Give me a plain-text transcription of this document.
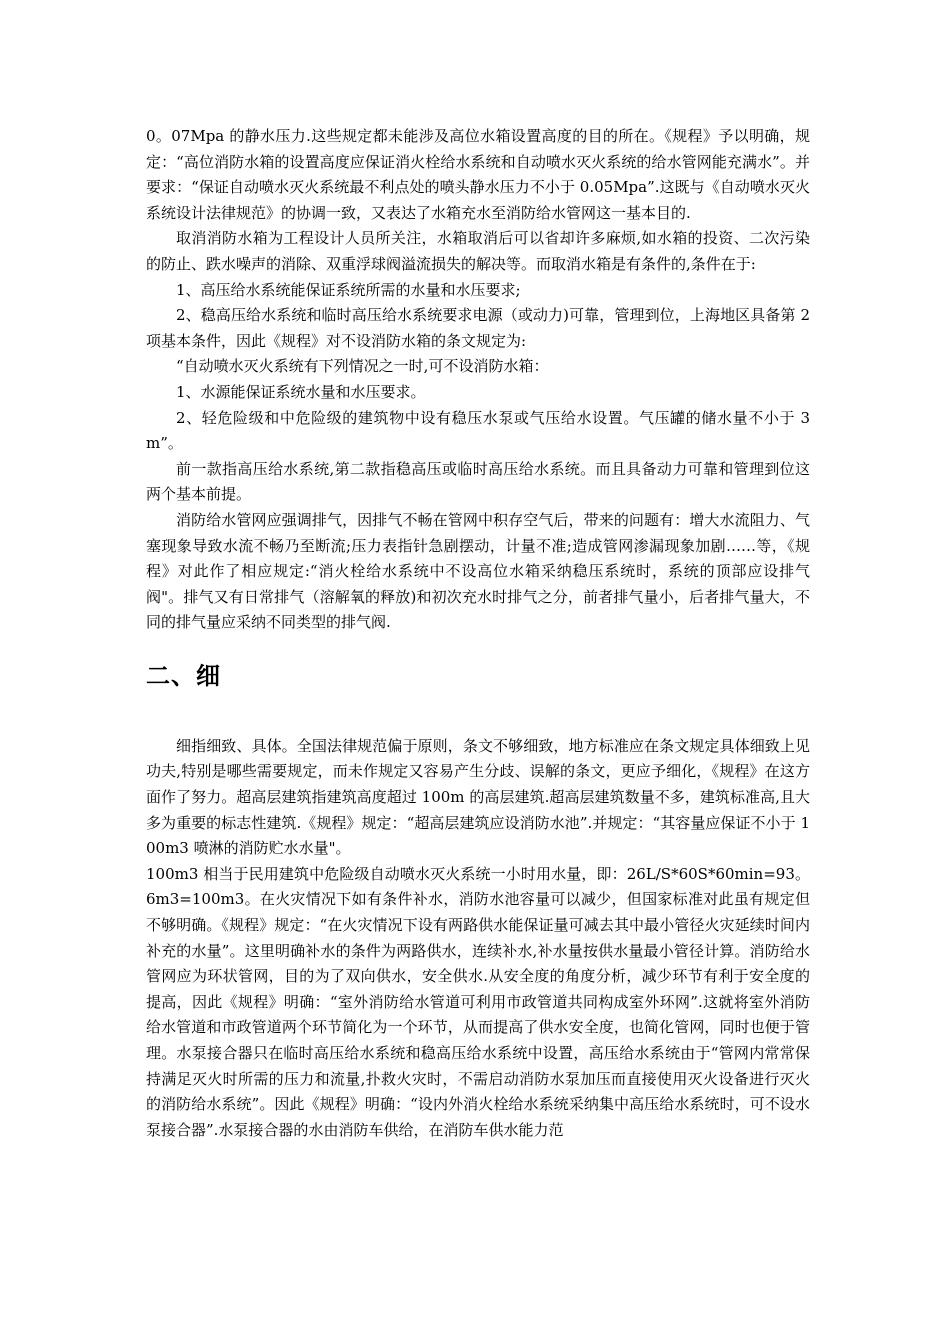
0。07Mpa 的静水压力.这些规定都未能涉及高位水箱设置高度的目的所在。《规程》予以明确，规定：“高位消防水箱的设置高度应保证消火栓给水系统和自动喷水灭火系统的给水管网能充满水”。并要求：“保证自动喷水灭火系统最不利点处的喷头静水压力不小于 0.05Mpa”.这既与《自动喷水灭火系统设计法律规范》的协调一致，又表达了水箱充水至消防给水管网这一基本目的.

取消消防水箱为工程设计人员所关注，水箱取消后可以省却许多麻烦,如水箱的投资、二次污染的防止、跌水噪声的消除、双重浮球阀溢流损失的解决等。而取消水箱是有条件的,条件在于:

1、高压给水系统能保证系统所需的水量和水压要求;

2、稳高压给水系统和临时高压给水系统要求电源（或动力)可靠，管理到位，上海地区具备第 2 项基本条件，因此《规程》对不设消防水箱的条文规定为:

“自动喷水灭火系统有下列情况之一时,可不设消防水箱：

1、水源能保证系统水量和水压要求。

2、轻危险级和中危险级的建筑物中设有稳压水泵或气压给水设置。气压罐的储水量不小于 3m”。

前一款指高压给水系统,第二款指稳高压或临时高压给水系统。而且具备动力可靠和管理到位这两个基本前提。

消防给水管网应强调排气，因排气不畅在管网中积存空气后，带来的问题有：增大水流阻力、气塞现象导致水流不畅乃至断流;压力表指针急剧摆动，计量不准;造成管网渗漏现象加剧……等，《规程》对此作了相应规定:“消火栓给水系统中不设高位水箱采纳稳压系统时，系统的顶部应设排气阀"。排气又有日常排气（溶解氧的释放)和初次充水时排气之分，前者排气量小，后者排气量大，不同的排气量应采纳不同类型的排气阀.

二、细

细指细致、具体。全国法律规范偏于原则，条文不够细致，地方标准应在条文规定具体细致上见功夫,特别是哪些需要规定，而未作规定又容易产生分歧、误解的条文，更应予细化，《规程》在这方面作了努力。超高层建筑指建筑高度超过 100m 的高层建筑.超高层建筑数量不多，建筑标准高,且大多为重要的标志性建筑.《规程》规定：“超高层建筑应设消防水池”.并规定：“其容量应保证不小于 100m3 喷淋的消防贮水水量"。

100m3 相当于民用建筑中危险级自动喷水灭火系统一小时用水量，即：26L/S*60S*60min=93。6m3=100m3。在火灾情况下如有条件补水，消防水池容量可以减少，但国家标准对此虽有规定但不够明确。《规程》规定：“在火灾情况下设有两路供水能保证量可减去其中最小管径火灾延续时间内补充的水量”。这里明确补水的条件为两路供水，连续补水,补水量按供水量最小管径计算。消防给水管网应为环状管网，目的为了双向供水，安全供水.从安全度的角度分析，减少环节有利于安全度的提高，因此《规程》明确：“室外消防给水管道可利用市政管道共同构成室外环网”.这就将室外消防给水管道和市政管道两个环节简化为一个环节，从而提高了供水安全度，也简化管网，同时也便于管理。水泵接合器只在临时高压给水系统和稳高压给水系统中设置，高压给水系统由于“管网内常常保持满足灭火时所需的压力和流量,扑救火灾时，不需启动消防水泵加压而直接使用灭火设备进行灭火的消防给水系统”。因此《规程》明确：“设内外消火栓给水系统采纳集中高压给水系统时，可不设水泵接合器”.水泵接合器的水由消防车供给，在消防车供水能力范
